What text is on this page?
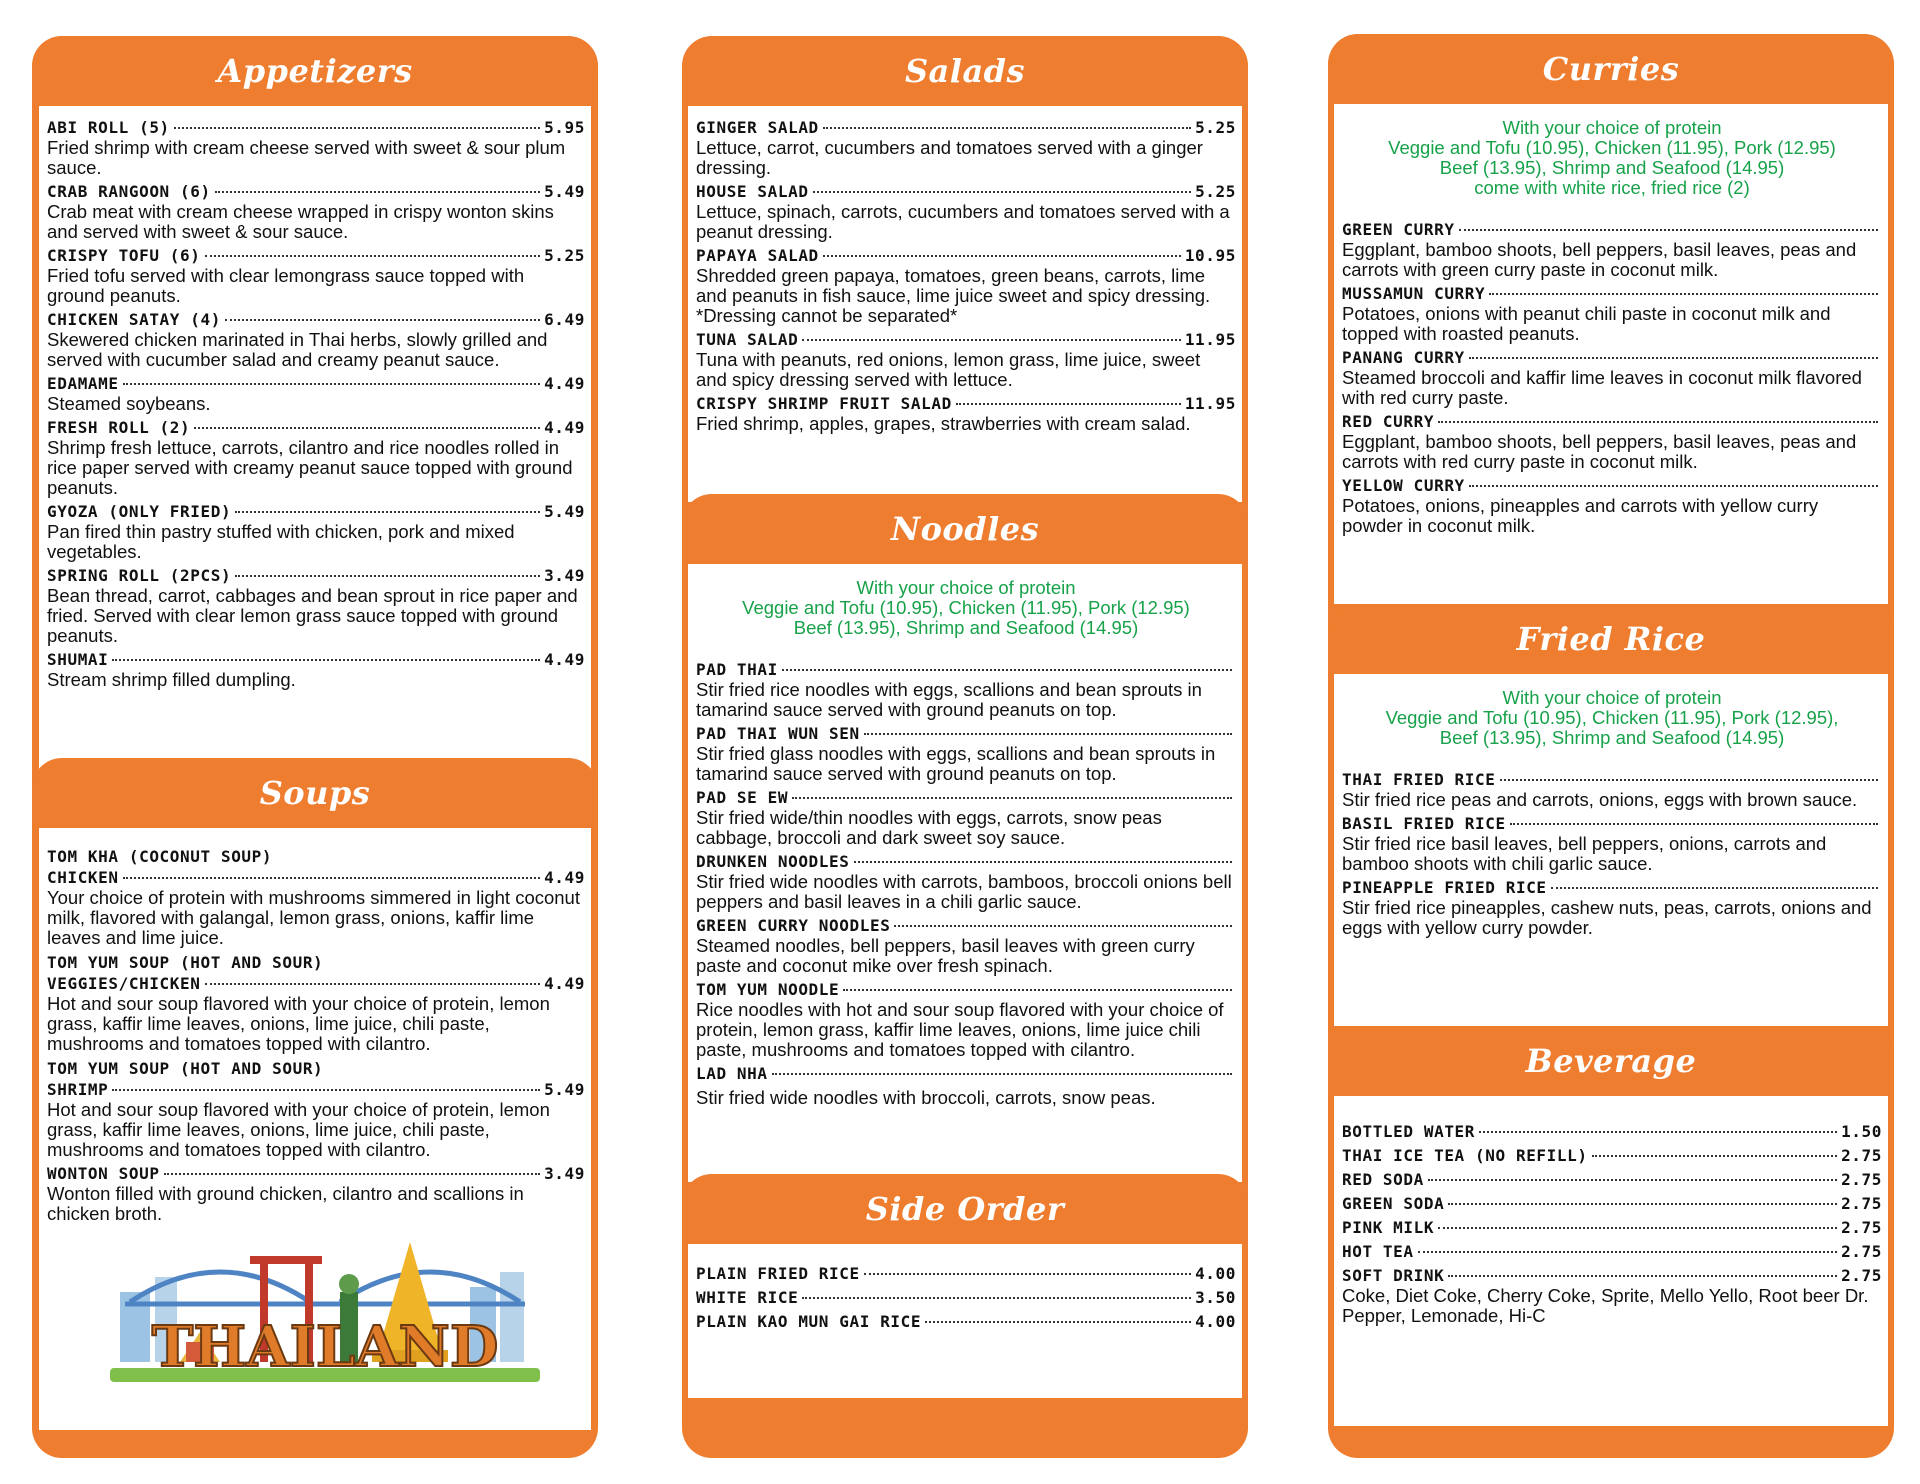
Appetizers
ABI ROLL (5)	5.95
Fried shrimp with cream cheese served with sweet & sour plum sauce.
CRAB RANGOON (6)	5.49
Crab meat with cream cheese wrapped in crispy wonton skins and served with sweet & sour sauce.
CRISPY TOFU (6)	5.25
Fried tofu served with clear lemongrass sauce topped with ground peanuts.
CHICKEN SATAY (4)	6.49
Skewered chicken marinated in Thai herbs, slowly grilled and served with cucumber salad and creamy peanut sauce.
EDAMAME	4.49
Steamed soybeans.
FRESH ROLL (2)	4.49
Shrimp fresh lettuce, carrots, cilantro and rice noodles rolled in rice paper served with creamy peanut sauce topped with ground peanuts.
GYOZA (ONLY FRIED)	5.49
Pan fired thin pastry stuffed with chicken, pork and mixed vegetables.
SPRING ROLL (2PCS)	3.49
Bean thread, carrot, cabbages and bean sprout in rice paper and fried. Served with clear lemon grass sauce topped with ground peanuts.
SHUMAI	4.49
Stream shrimp filled dumpling.
Soups
TOM KHA (COCONUT SOUP)
CHICKEN	4.49
Your choice of protein with mushrooms simmered in light coconut milk, flavored with galangal, lemon grass, onions, kaffir lime leaves and lime juice.
TOM YUM SOUP (HOT AND SOUR)
VEGGIES/CHICKEN	4.49
Hot and sour soup flavored with your choice of protein, lemon grass, kaffir lime leaves, onions, lime juice, chili paste, mushrooms and tomatoes topped with cilantro.
TOM YUM SOUP (HOT AND SOUR)
SHRIMP	5.49
Hot and sour soup flavored with your choice of protein, lemon grass, kaffir lime leaves, onions, lime juice, chili paste, mushrooms and tomatoes topped with cilantro.
WONTON SOUP	3.49
Wonton filled with ground chicken, cilantro and scallions in chicken broth.
THAILAND
Salads
GINGER SALAD	5.25
Lettuce, carrot, cucumbers and tomatoes served with a ginger dressing.
HOUSE SALAD	5.25
Lettuce, spinach, carrots, cucumbers and tomatoes served with a peanut dressing.
PAPAYA SALAD	10.95
Shredded green papaya, tomatoes, green beans, carrots, lime and peanuts in fish sauce, lime juice sweet and spicy dressing. *Dressing cannot be separated*
TUNA SALAD	11.95
Tuna with peanuts, red onions, lemon grass, lime juice, sweet and spicy dressing served with lettuce.
CRISPY SHRIMP FRUIT SALAD	11.95
Fried shrimp, apples, grapes, strawberries with cream salad.
Noodles
With your choice of protein
Veggie and Tofu (10.95), Chicken (11.95), Pork (12.95)
Beef (13.95), Shrimp and Seafood (14.95)
PAD THAI
Stir fried rice noodles with eggs, scallions and bean sprouts in tamarind sauce served with ground peanuts on top.
PAD THAI WUN SEN
Stir fried glass noodles with eggs, scallions and bean sprouts in tamarind sauce served with ground peanuts on top.
PAD SE EW
Stir fried wide/thin noodles with eggs, carrots, snow peas cabbage, broccoli and dark sweet soy sauce.
DRUNKEN NOODLES
Stir fried wide noodles with carrots, bamboos, broccoli onions bell peppers and basil leaves in a chili garlic sauce.
GREEN CURRY NOODLES
Steamed noodles, bell peppers, basil leaves with green curry paste and coconut mike over fresh spinach.
TOM YUM NOODLE
Rice noodles with hot and sour soup flavored with your choice of protein, lemon grass, kaffir lime leaves, onions, lime juice chili paste, mushrooms and tomatoes topped with cilantro.
LAD NHA
Stir fried wide noodles with broccoli, carrots, snow peas.
Side Order
PLAIN FRIED RICE	4.00
WHITE RICE	3.50
PLAIN KAO MUN GAI RICE	4.00
Curries
With your choice of protein
Veggie and Tofu (10.95), Chicken (11.95), Pork (12.95)
Beef (13.95), Shrimp and Seafood (14.95)
come with white rice, fried rice (2)
GREEN CURRY
Eggplant, bamboo shoots, bell peppers, basil leaves, peas and carrots with green curry paste in coconut milk.
MUSSAMUN CURRY
Potatoes, onions with peanut chili paste in coconut milk and topped with roasted peanuts.
PANANG CURRY
Steamed broccoli and kaffir lime leaves in coconut milk flavored with red curry paste.
RED CURRY
Eggplant, bamboo shoots, bell peppers, basil leaves, peas and carrots with red curry paste in coconut milk.
YELLOW CURRY
Potatoes, onions, pineapples and carrots with yellow curry powder in coconut milk.
Fried Rice
With your choice of protein
Veggie and Tofu (10.95), Chicken (11.95), Pork (12.95),
Beef (13.95), Shrimp and Seafood (14.95)
THAI FRIED RICE
Stir fried rice peas and carrots, onions, eggs with brown sauce.
BASIL FRIED RICE
Stir fried rice basil leaves, bell peppers, onions, carrots and bamboo shoots with chili garlic sauce.
PINEAPPLE FRIED RICE
Stir fried rice pineapples, cashew nuts, peas, carrots, onions and eggs with yellow curry powder.
Beverage
BOTTLED WATER	1.50
THAI ICE TEA (NO REFILL)	2.75
RED SODA	2.75
GREEN SODA	2.75
PINK MILK	2.75
HOT TEA	2.75
SOFT DRINK	2.75
Coke, Diet Coke, Cherry Coke, Sprite, Mello Yello, Root beer Dr. Pepper, Lemonade, Hi-C
